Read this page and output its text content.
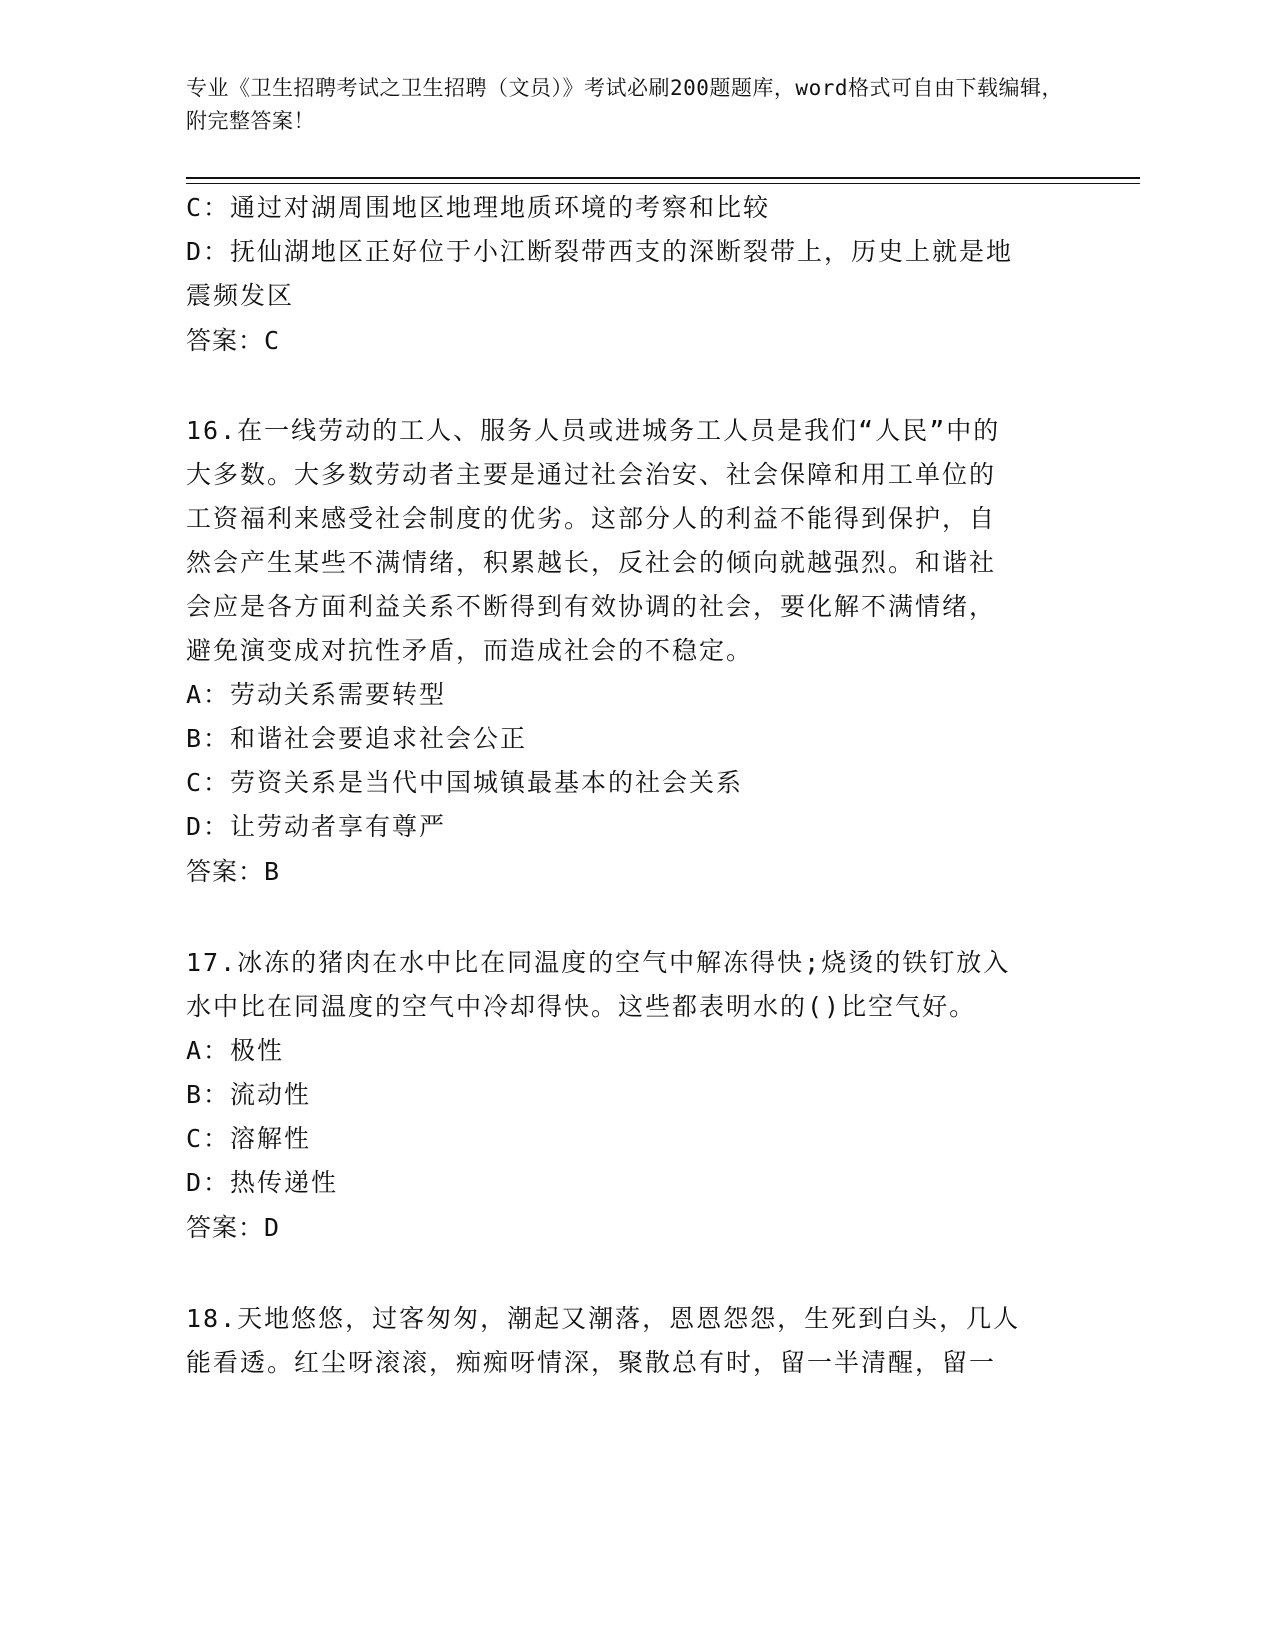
专业《卫生招聘考试之卫生招聘（文员）》考试必刷200题题库，word格式可自由下载编辑，附完整答案！
C：通过对湖周围地区地理地质环境的考察和比较
D：抚仙湖地区正好位于小江断裂带西支的深断裂带上，历史上就是地
震频发区
答案：C
16.在一线劳动的工人、服务人员或进城务工人员是我们“人民”中的
大多数。大多数劳动者主要是通过社会治安、社会保障和用工单位的
工资福利来感受社会制度的优劣。这部分人的利益不能得到保护，自
然会产生某些不满情绪，积累越长，反社会的倾向就越强烈。和谐社
会应是各方面利益关系不断得到有效协调的社会，要化解不满情绪，
避免演变成对抗性矛盾，而造成社会的不稳定。
A：劳动关系需要转型
B：和谐社会要追求社会公正
C：劳资关系是当代中国城镇最基本的社会关系
D：让劳动者享有尊严
答案：B
17.冰冻的猪肉在水中比在同温度的空气中解冻得快;烧烫的铁钉放入
水中比在同温度的空气中冷却得快。这些都表明水的()比空气好。
A：极性
B：流动性
C：溶解性
D：热传递性
答案：D
18.天地悠悠，过客匆匆，潮起又潮落，恩恩怨怨，生死到白头，几人
能看透。红尘呀滚滚，痴痴呀情深，聚散总有时，留一半清醒，留一
